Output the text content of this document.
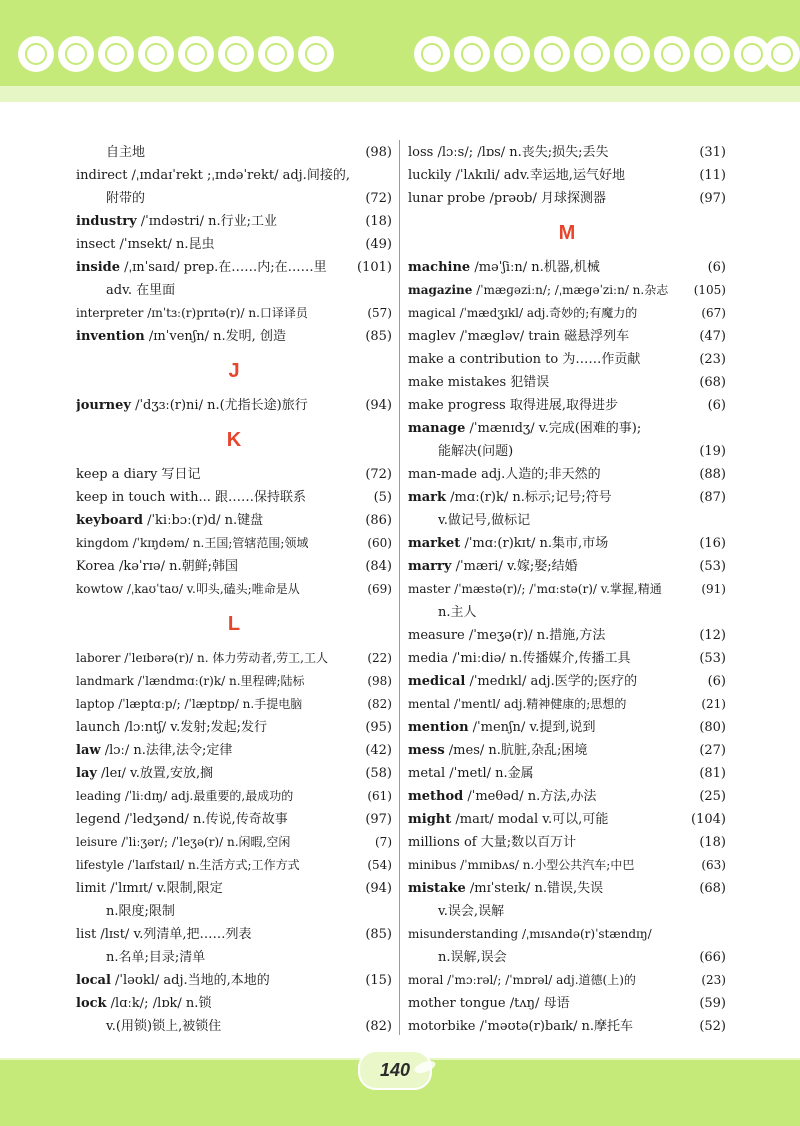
自主地	(98)
indirect /ˌɪndaɪˈrekt ;ˌɪndəˈrekt/ adj.间接的,
附带的	(72)
industry /ˈɪndəstri/ n.行业;工业	(18)
insect /ˈɪnsekt/ n.昆虫	(49)
inside /ˌɪnˈsaɪd/ prep.在……内;在……里	(101)
adv. 在里面
interpreter /ɪnˈtɜː(r)prɪtə(r)/ n.口译译员	(57)
invention /ɪnˈvenʃn/ n.发明, 创造	(85)
J
journey /ˈdʒɜː(r)ni/ n.(尤指长途)旅行	(94)
K
keep a diary 写日记	(72)
keep in touch with... 跟……保持联系	(5)
keyboard /ˈkiːbɔː(r)d/ n.键盘	(86)
kingdom /ˈkɪŋdəm/ n.王国;管辖范围;领域	(60)
Korea /kəˈrɪə/ n.朝鲜;韩国	(84)
kowtow /ˌkaʊˈtaʊ/ v.叩头,磕头;唯命是从	(69)
L
laborer /ˈleɪbərə(r)/ n. 体力劳动者,劳工,工人	(22)
landmark /ˈlændmɑː(r)k/ n.里程碑;陆标	(98)
laptop /ˈlæptɑːp/; /ˈlæptɒp/ n.手提电脑	(82)
launch /lɔːntʃ/ v.发射;发起;发行	(95)
law /lɔː/ n.法律,法令;定律	(42)
lay /leɪ/ v.放置,安放,搁	(58)
leading /ˈliːdɪŋ/ adj.最重要的,最成功的	(61)
legend /ˈledʒənd/ n.传说,传奇故事	(97)
leisure /ˈliːʒər/; /ˈleʒə(r)/ n.闲暇,空闲	(7)
lifestyle /ˈlaɪfstaɪl/ n.生活方式;工作方式	(54)
limit /ˈlɪmɪt/ v.限制,限定	(94)
n.限度;限制
list /lɪst/ v.列清单,把……列表	(85)
n.名单;目录;清单
local /ˈləʊkl/ adj.当地的,本地的	(15)
lock /lɑːk/; /lɒk/ n.锁
v.(用锁)锁上,被锁住	(82)
loss /lɔːs/; /lɒs/ n.丧失;损失;丢失	(31)
luckily /ˈlʌkɪli/ adv.幸运地,运气好地	(11)
lunar probe /prəʊb/ 月球探测器	(97)
M
machine /məˈʃiːn/ n.机器,机械	(6)
magazine /ˈmæɡəziːn/; /ˌmæɡəˈziːn/ n.杂志	(105)
magical /ˈmædʒɪkl/ adj.奇妙的;有魔力的	(67)
maglev /ˈmæɡləv/ train 磁悬浮列车	(47)
make a contribution to 为……作贡献	(23)
make mistakes 犯错误	(68)
make progress 取得进展,取得进步	(6)
manage /ˈmænɪdʒ/ v.完成(困难的事);
能解决(问题)	(19)
man-made adj.人造的;非天然的	(88)
mark /mɑː(r)k/ n.标示;记号;符号	(87)
v.做记号,做标记
market /ˈmɑː(r)kɪt/ n.集市,市场	(16)
marry /ˈmæri/ v.嫁;娶;结婚	(53)
master /ˈmæstə(r)/; /ˈmɑːstə(r)/ v.掌握,精通	(91)
n.主人
measure /ˈmeʒə(r)/ n.措施,方法	(12)
media /ˈmiːdiə/ n.传播媒介,传播工具	(53)
medical /ˈmedɪkl/ adj.医学的;医疗的	(6)
mental /ˈmentl/ adj.精神健康的;思想的	(21)
mention /ˈmenʃn/ v.提到,说到	(80)
mess /mes/ n.肮脏,杂乱;困境	(27)
metal /ˈmetl/ n.金属	(81)
method /ˈmeθəd/ n.方法,办法	(25)
might /maɪt/ modal v.可以,可能	(104)
millions of 大量;数以百万计	(18)
minibus /ˈmɪnibʌs/ n.小型公共汽车;中巴	(63)
mistake /mɪˈsteɪk/ n.错误,失误	(68)
v.误会,误解
misunderstanding /ˌmɪsʌndə(r)ˈstændɪŋ/
n.误解,误会	(66)
moral /ˈmɔːrəl/; /ˈmɒrəl/ adj.道德(上)的	(23)
mother tongue /tʌŋ/ 母语	(59)
motorbike /ˈməʊtə(r)baɪk/ n.摩托车	(52)
140
